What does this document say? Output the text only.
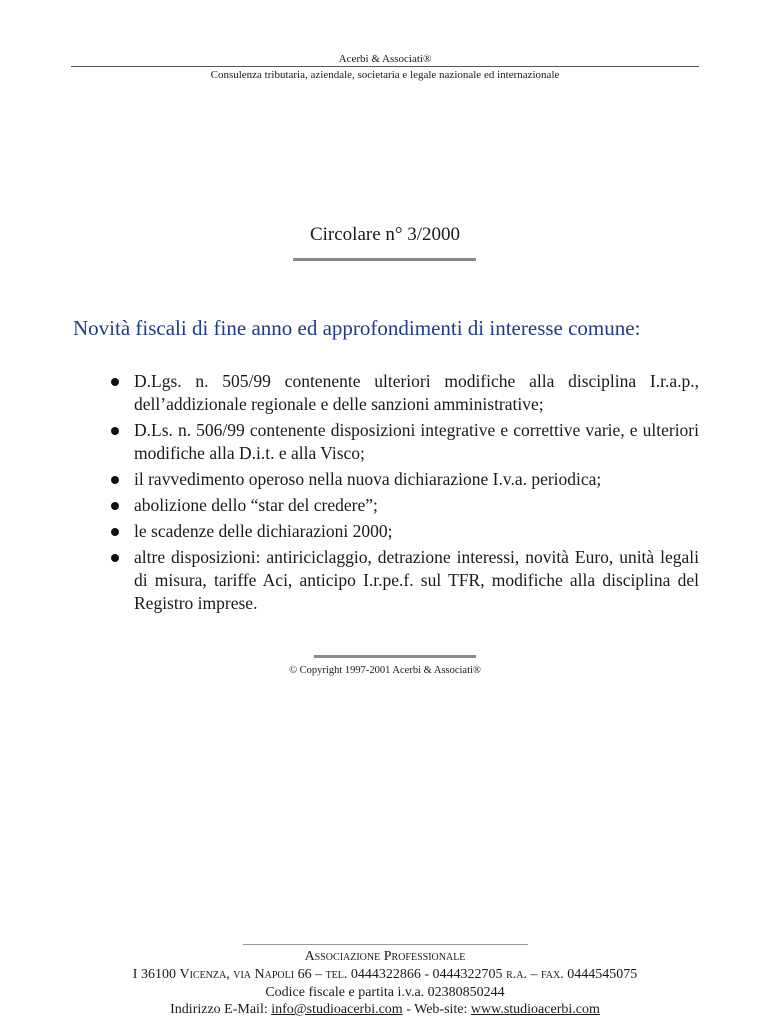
Acerbi & Associati®
Consulenza tributaria, aziendale, societaria e legale nazionale ed internazionale
Circolare n° 3/2000
Novità fiscali di fine anno ed approfondimenti di interesse comune:
D.Lgs. n. 505/99 contenente ulteriori modifiche alla disciplina I.r.a.p., dell’addizionale regionale e delle sanzioni amministrative;
D.Ls. n. 506/99 contenente disposizioni integrative e correttive varie, e ulteriori modifiche alla D.i.t. e alla Visco;
il ravvedimento operoso nella nuova dichiarazione I.v.a. periodica;
abolizione dello “star del credere”;
le scadenze delle dichiarazioni 2000;
altre disposizioni: antiriciclaggio, detrazione interessi, novità Euro, unità legali di misura, tariffe Aci, anticipo I.r.pe.f. sul TFR, modifiche alla disciplina del Registro imprese.
© Copyright 1997-2001 Acerbi & Associati®
Associazione Professionale
I 36100 Vicenza, via Napoli 66 – tel. 0444322866 - 0444322705 r.a. – fax. 0444545075
Codice fiscale e partita i.v.a. 02380850244
Indirizzo E-Mail: info@studioacerbi.com - Web-site: www.studioacerbi.com
